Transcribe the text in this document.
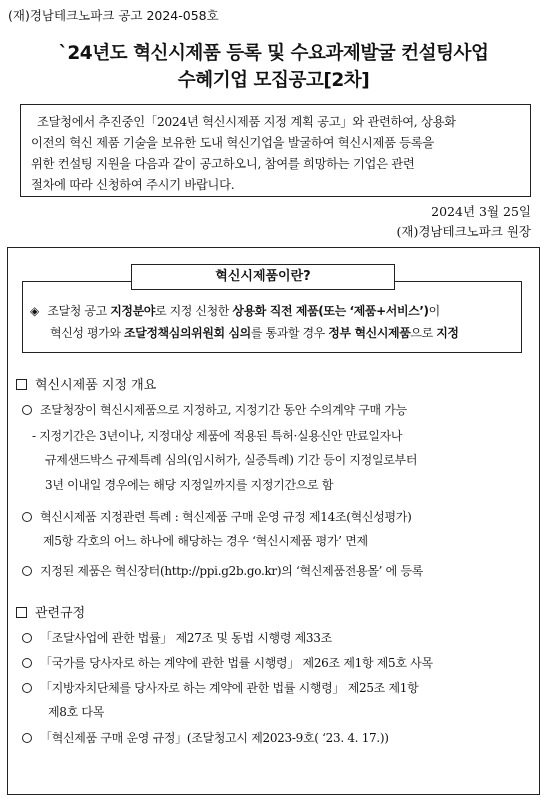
(재)경남테크노파크 공고 2024-058호
`24년도 혁신시제품 등록 및 수요과제발굴 컨설팅사업
수혜기업 모집공고[2차]

조달청에서 추진중인「2024년 혁신시제품 지정 계획 공고」와 관련하여, 상용화

이전의 혁신 제품 기술을 보유한 도내 혁신기업을 발굴하여 혁신시제품 등록을
위한 컨설팅 지원을 다음과 같이 공고하오니, 참여를 희망하는 기업은 관련
절차에 따라 신청하여 주시기 바랍니다.
2024년 3월 25일
(재)경남테크노파크 원장
혁신시제품이란?
◈ 조달청 공고 지정분야로 지정 신청한 상용화 직전 제품(또는 ‘제품+서비스’)이
혁신성 평가와 조달정책심의위원회 심의를 통과할 경우 정부 혁신시제품으로 지정
혁신시제품 지정 개요
조달청장이 혁신시제품으로 지정하고, 지정기간 동안 수의계약 구매 가능
- 지정기간은 3년이나, 지정대상 제품에 적용된 특허·실용신안 만료일자나
규제샌드박스 규제특례 심의(임시허가, 실증특례) 기간 등이 지정일로부터
3년 이내일 경우에는 해당 지정일까지를 지정기간으로 함
혁신시제품 지정관련 특례 : 혁신제품 구매 운영 규정 제14조(혁신성평가)
제5항 각호의 어느 하나에 해당하는 경우 ‘혁신시제품 평가’ 면제
지정된 제품은 혁신장터(http://ppi.g2b.go.kr)의 ‘혁신제품전용몰’ 에 등록
관련규정
「조달사업에 관한 법률」 제27조 및 동법 시행령 제33조
「국가를 당사자로 하는 계약에 관한 법률 시행령」 제26조 제1항 제5호 사목
「지방자치단체를 당사자로 하는 계약에 관한 법률 시행령」 제25조 제1항
제8호 다목
「혁신제품 구매 운영 규정」(조달청고시 제2023-9호( ‘23. 4. 17.))
